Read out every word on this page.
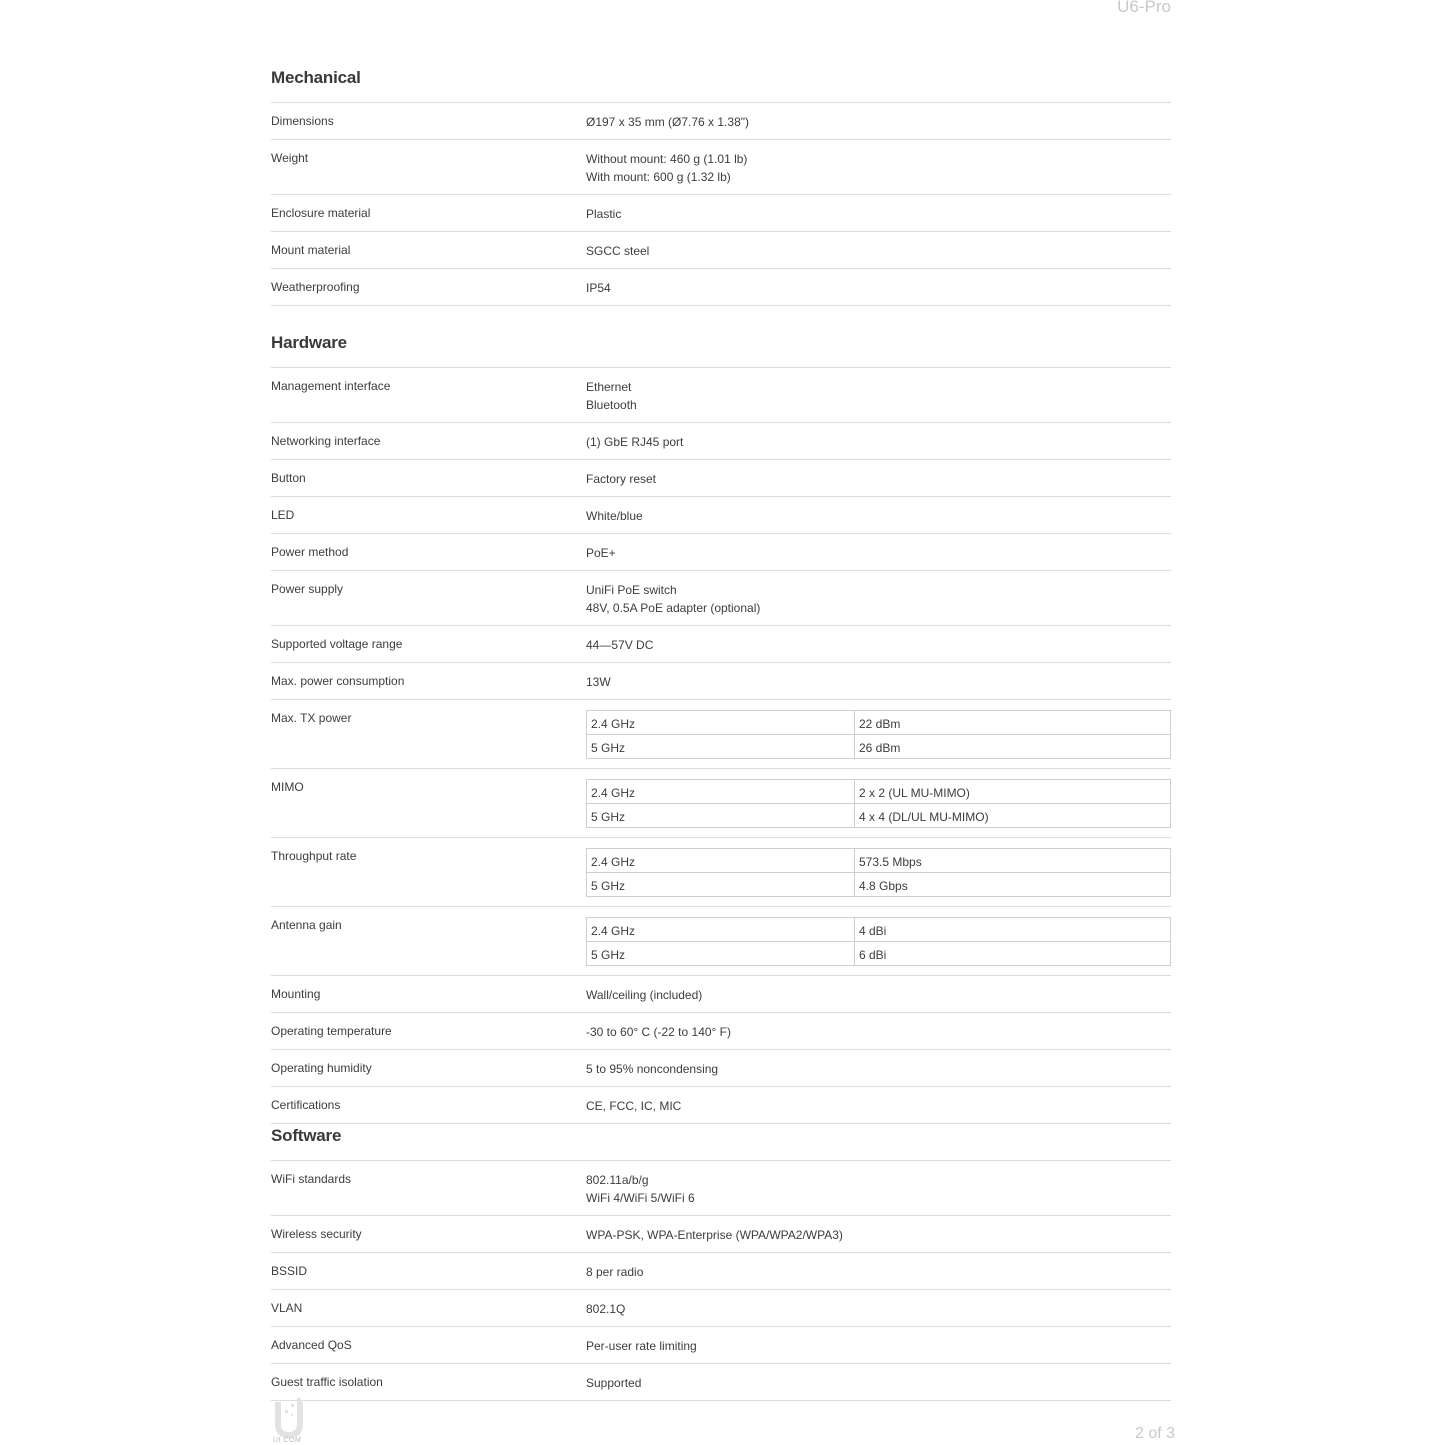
U6-Pro
Mechanical
Dimensions	Ø197 x 35 mm (Ø7.76 x 1.38")
Weight	Without mount: 460 g (1.01 lb)
With mount: 600 g (1.32 lb)
Enclosure material	Plastic
Mount material	SGCC steel
Weatherproofing	IP54
Hardware
Management interface	Ethernet
Bluetooth
Networking interface	(1) GbE RJ45 port
Button	Factory reset
LED	White/blue
Power method	PoE+
Power supply	UniFi PoE switch
48V, 0.5A PoE adapter (optional)
Supported voltage range	44—57V DC
Max. power consumption	13W
Max. TX power	2.4 GHz	22 dBm
5 GHz	26 dBm
MIMO	2.4 GHz	2 x 2 (UL MU-MIMO)
5 GHz	4 x 4 (DL/UL MU-MIMO)
Throughput rate	2.4 GHz	573.5 Mbps
5 GHz	4.8 Gbps
Antenna gain	2.4 GHz	4 dBi
5 GHz	6 dBi
Mounting	Wall/ceiling (included)
Operating temperature	-30 to 60° C (-22 to 140° F)
Operating humidity	5 to 95% noncondensing
Certifications	CE, FCC, IC, MIC
Software
WiFi standards	802.11a/b/g
WiFi 4/WiFi 5/WiFi 6
Wireless security	WPA-PSK, WPA-Enterprise (WPA/WPA2/WPA3)
BSSID	8 per radio
VLAN	802.1Q
Advanced QoS	Per-user rate limiting
Guest traffic isolation	Supported
UI.COM	2 of 3
